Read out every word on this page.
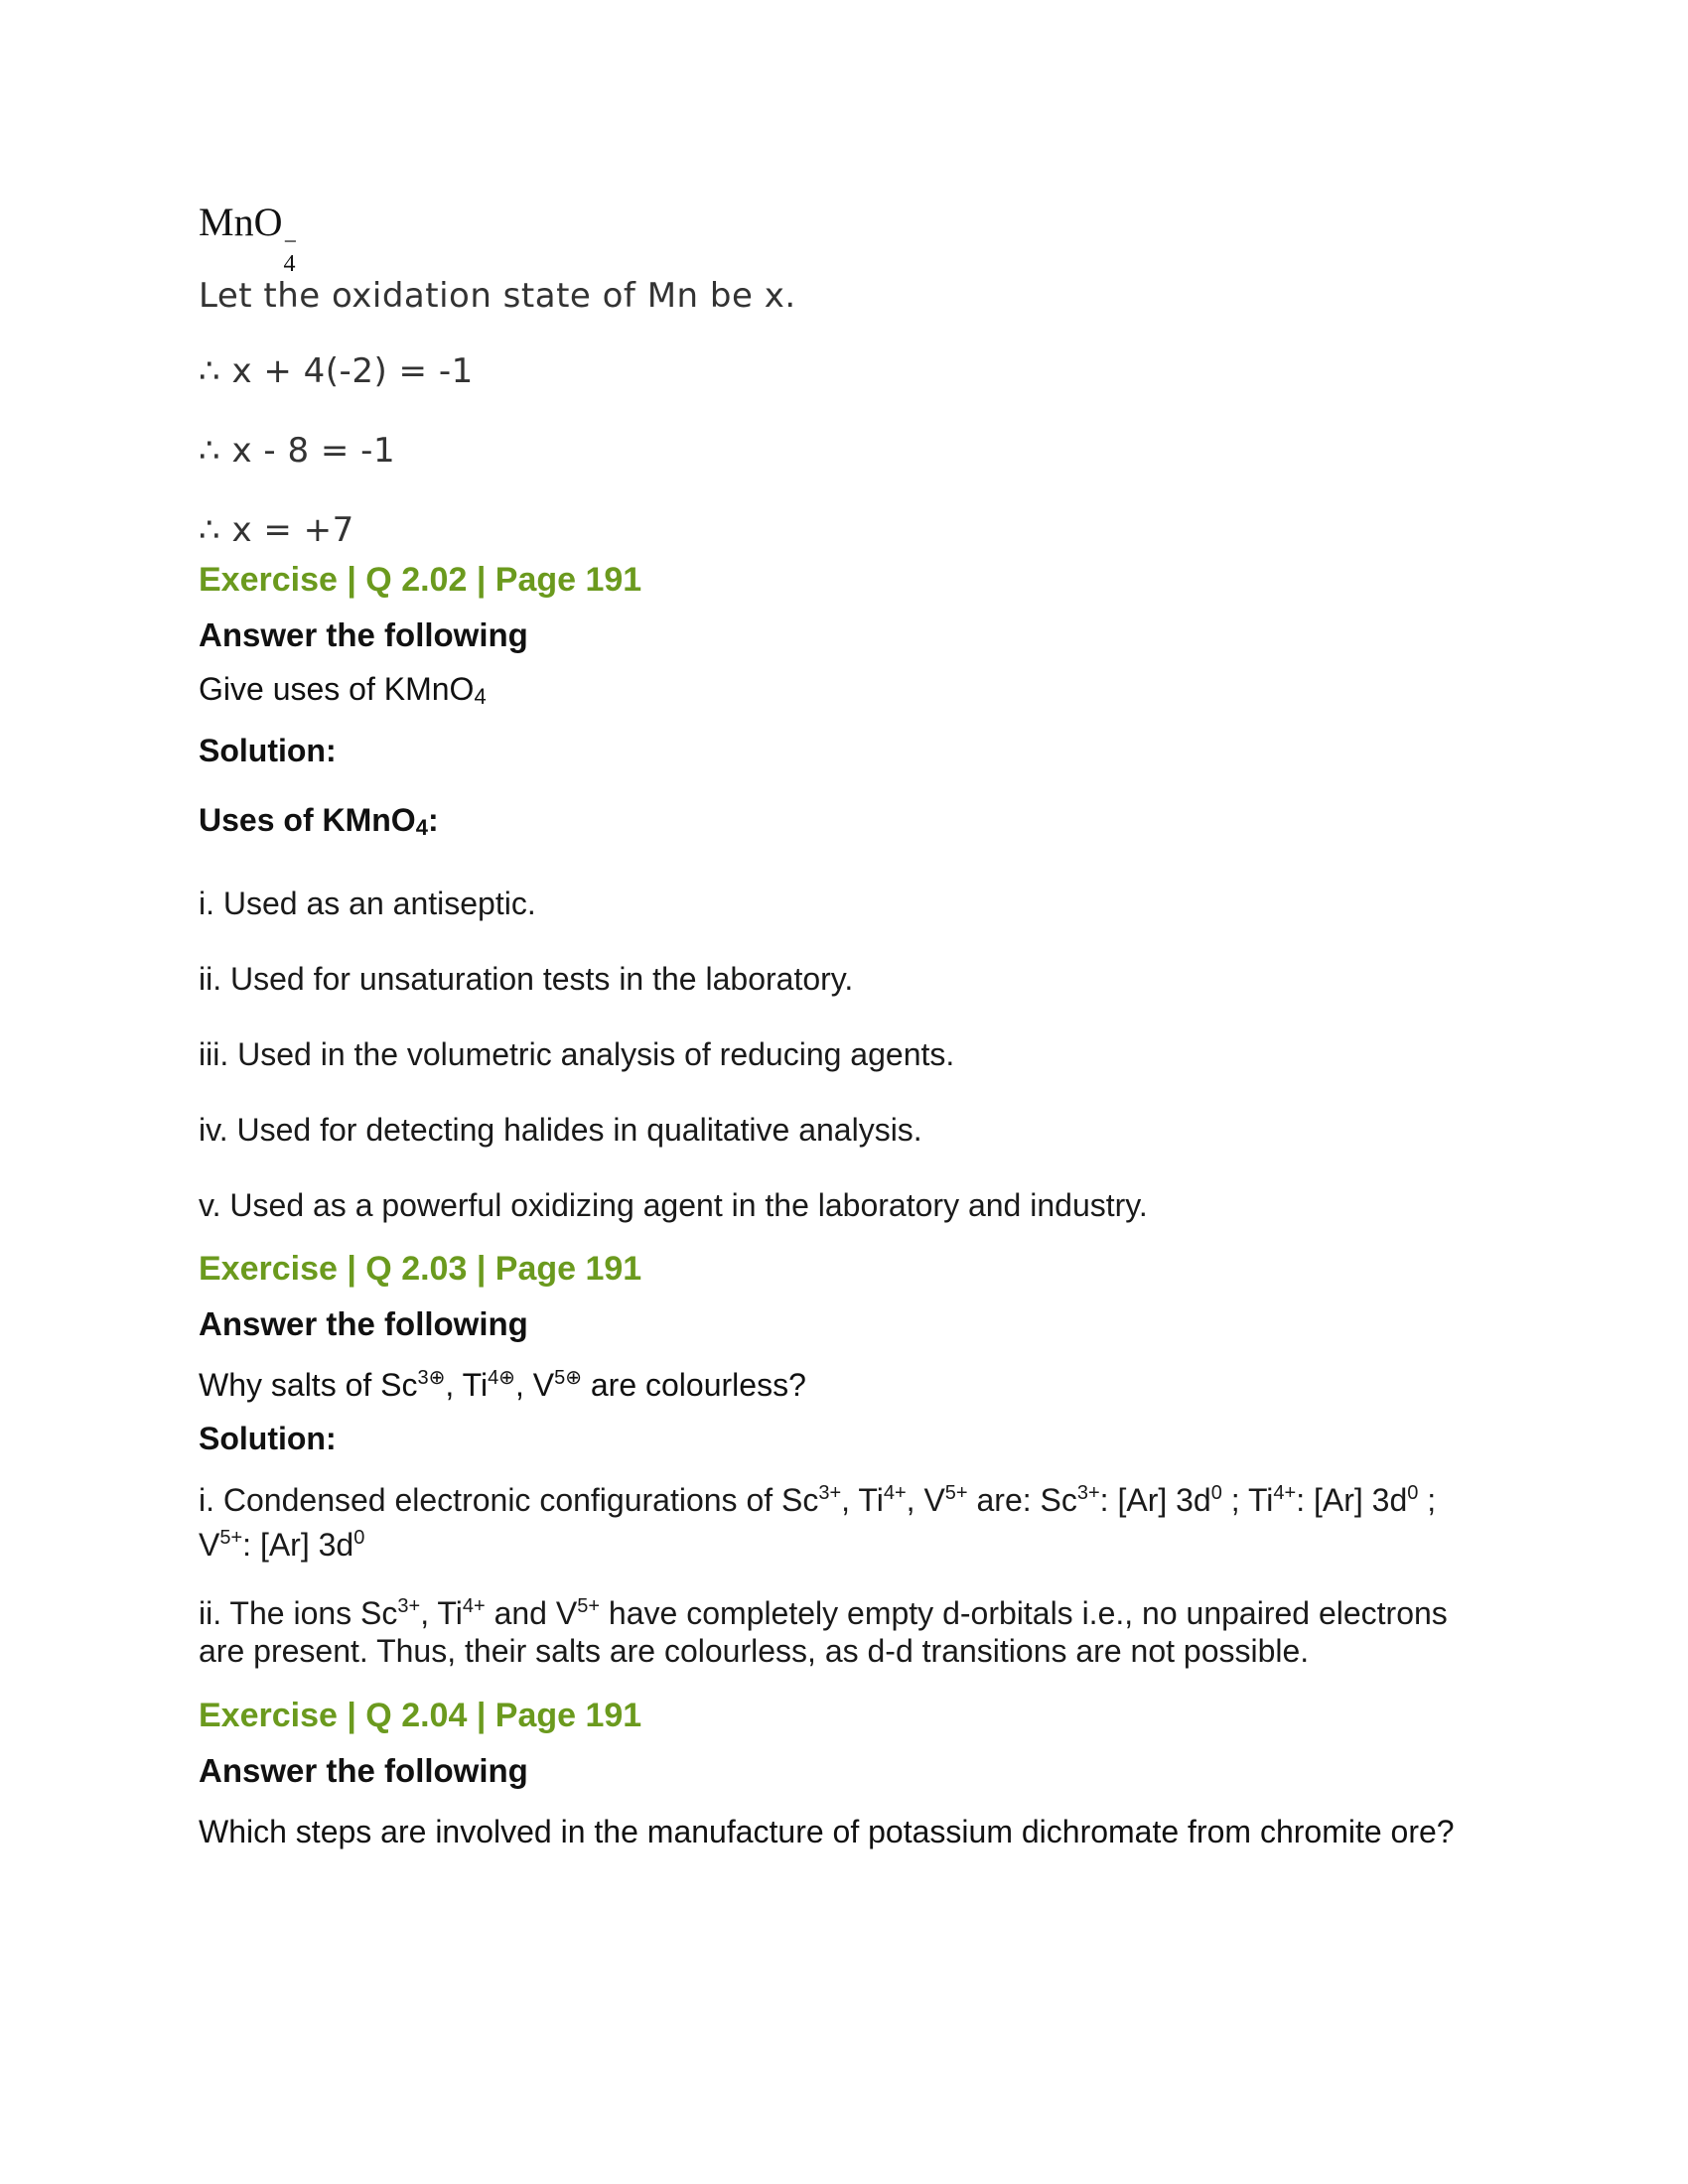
MnO −
4
Let the oxidation state of Mn be x.
∴ x + 4(-2) = -1
∴ x - 8 = -1
∴ x = +7
Exercise | Q 2.02 | Page 191
Answer the following
Give uses of KMnO4
Solution:
Uses of KMnO4:
i. Used as an antiseptic.
ii. Used for unsaturation tests in the laboratory.
iii. Used in the volumetric analysis of reducing agents.
iv. Used for detecting halides in qualitative analysis.
v. Used as a powerful oxidizing agent in the laboratory and industry.
Exercise | Q 2.03 | Page 191
Answer the following
Why salts of $Sc^{3\oplus}$, $Ti^{4\oplus}$, $V^{5\oplus}$ are colourless?
Solution:
i. Condensed electronic configurations of $Sc^{3+}$, $Ti^{4+}$, $V^{5+}$ are: $Sc^{3+}$: [Ar] $3d^0$ ; $Ti^{4+}$: [Ar] $3d^0$ ; $V^{5+}$: [Ar] $3d^0$
ii. The ions $Sc^{3+}$, $Ti^{4+}$ and $V^{5+}$ have completely empty d-orbitals i.e., no unpaired electrons are present. Thus, their salts are colourless, as d-d transitions are not possible.
Exercise | Q 2.04 | Page 191
Answer the following
Which steps are involved in the manufacture of potassium dichromate from chromite ore?
